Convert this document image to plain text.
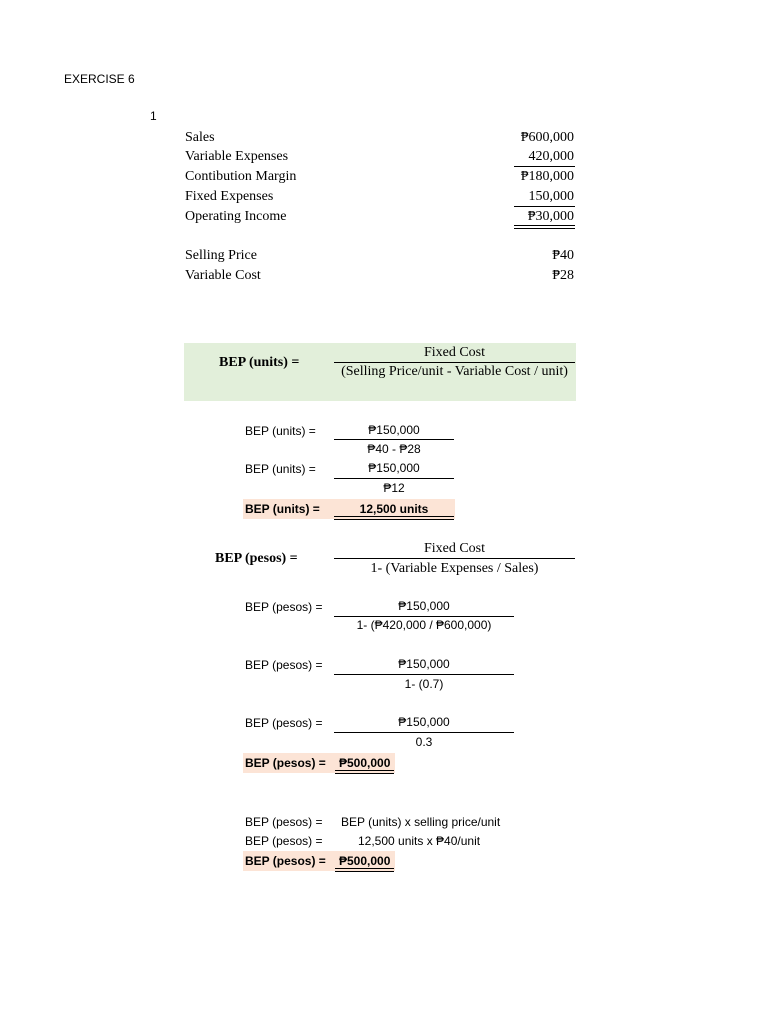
EXERCISE 6
1
Sales	₱600,000
Variable Expenses	420,000
Contibution Margin	₱180,000
Fixed Expenses	150,000
Operating Income	₱30,000
Selling Price	₱40
Variable Cost	₱28
BEP (units) =
Fixed Cost
(Selling Price/unit - Variable Cost / unit)
BEP (units) =	₱150,000
₱40 - ₱28
BEP (units) =	₱150,000
₱12
BEP (units) =	12,500 units
BEP (pesos) =
Fixed Cost
1- (Variable Expenses / Sales)
BEP (pesos) =	₱150,000
1- (₱420,000 / ₱600,000)
BEP (pesos) =	₱150,000
1- (0.7)
BEP (pesos) =	₱150,000
0.3
BEP (pesos) = ₱500,000
BEP (pesos) = BEP (units) x selling price/unit
BEP (pesos) =	12,500 units x ₱40/unit
BEP (pesos) = ₱500,000
